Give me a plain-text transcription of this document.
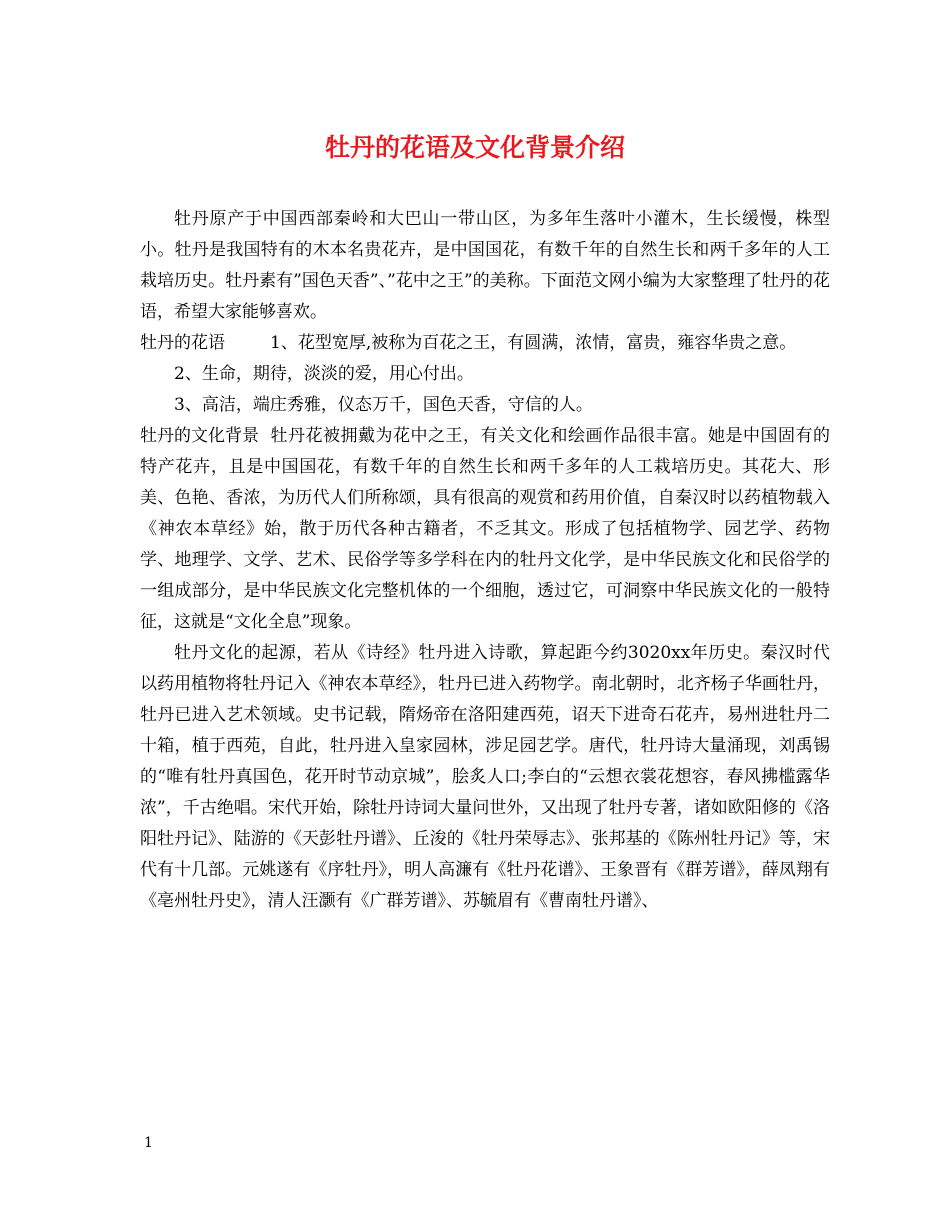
牡丹的花语及文化背景介绍

牡丹原产于中国西部秦岭和大巴山一带山区，为多年生落叶小灌木，生长缓慢，株型小。牡丹是我国特有的木本名贵花卉，是中国国花，有数千年的自然生长和两千多年的人工栽培历史。牡丹素有”国色天香”、”花中之王”的美称。下面范文网小编为大家整理了牡丹的花语，希望大家能够喜欢。

牡丹的花语	1、花型宽厚,被称为百花之王，有圆满，浓情，富贵，雍容华贵之意。

2、生命，期待，淡淡的爱，用心付出。

3、高洁，端庄秀雅，仪态万千，国色天香，守信的人。

牡丹的文化背景 牡丹花被拥戴为花中之王，有关文化和绘画作品很丰富。她是中国固有的特产花卉，且是中国国花，有数千年的自然生长和两千多年的人工栽培历史。其花大、形美、色艳、香浓，为历代人们所称颂，具有很高的观赏和药用价值，自秦汉时以药植物载入《神农本草经》始，散于历代各种古籍者，不乏其文。形成了包括植物学、园艺学、药物学、地理学、文学、艺术、民俗学等多学科在内的牡丹文化学，是中华民族文化和民俗学的一组成部分，是中华民族文化完整机体的一个细胞，透过它，可洞察中华民族文化的一般特征，这就是“文化全息”现象。

牡丹文化的起源，若从《诗经》牡丹进入诗歌，算起距今约3020xx年历史。秦汉时代以药用植物将牡丹记入《神农本草经》，牡丹已进入药物学。南北朝时，北齐杨子华画牡丹，牡丹已进入艺术领域。史书记载，隋炀帝在洛阳建西苑，诏天下进奇石花卉，易州进牡丹二十箱，植于西苑，自此，牡丹进入皇家园林，涉足园艺学。唐代，牡丹诗大量涌现，刘禹锡的“唯有牡丹真国色，花开时节动京城”，脍炙人口;李白的“云想衣裳花想容，春风拂槛露华浓”，千古绝唱。宋代开始，除牡丹诗词大量问世外，又出现了牡丹专著，诸如欧阳修的《洛阳牡丹记》、陆游的《天彭牡丹谱》、丘浚的《牡丹荣辱志》、张邦基的《陈州牡丹记》等，宋代有十几部。元姚遂有《序牡丹》，明人高濂有《牡丹花谱》、王象晋有《群芳谱》，薛凤翔有《亳州牡丹史》，清人汪灏有《广群芳谱》、苏毓眉有《曹南牡丹谱》、

1
